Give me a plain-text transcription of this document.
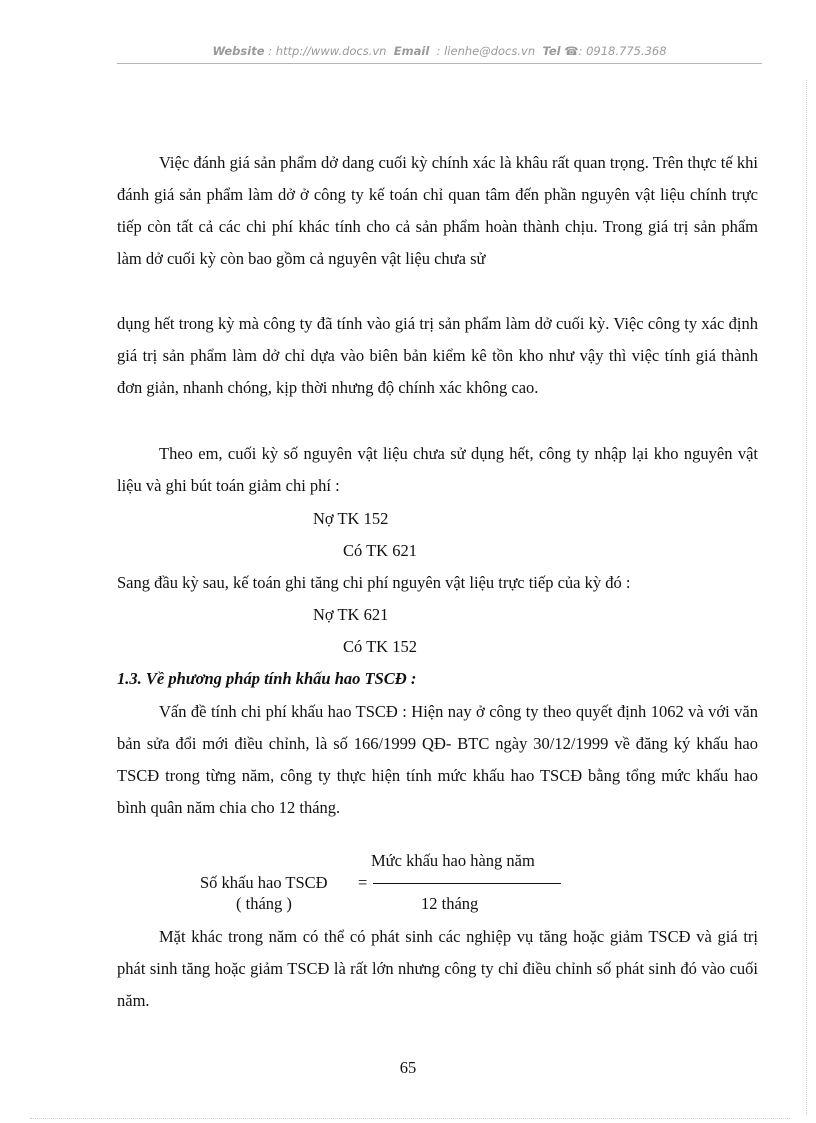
Website : http://www.docs.vn Email : lienhe@docs.vn Tel ☎: 0918.775.368
Việc đánh giá sản phẩm dở dang cuối kỳ chính xác là khâu rất quan trọng. Trên thực tế khi đánh giá sản phẩm làm dở ở công ty kế toán chỉ quan tâm đến phần nguyên vật liệu chính trực tiếp còn tất cả các chi phí khác tính cho cả sản phẩm hoàn thành chịu. Trong giá trị sản phẩm làm dở cuối kỳ còn bao gồm cả nguyên vật liệu chưa sử
dụng hết trong kỳ mà công ty đã tính vào giá trị sản phẩm làm dở cuối kỳ. Việc công ty xác định giá trị sản phẩm làm dở chỉ dựa vào biên bản kiểm kê tồn kho như vậy thì việc tính giá thành đơn giản, nhanh chóng, kịp thời nhưng độ chính xác không cao.
Theo em, cuối kỳ số nguyên vật liệu chưa sử dụng hết, công ty nhập lại kho nguyên vật liệu và ghi bút toán giảm chi phí :
Nợ TK 152
Có TK 621
Sang đầu kỳ sau, kế toán ghi tăng chi phí nguyên vật liệu trực tiếp của kỳ đó :
Nợ TK 621
Có TK 152
1.3. Về phương pháp tính khấu hao TSCĐ :
Vấn đề tính chi phí khấu hao TSCĐ : Hiện nay ở công ty theo quyết định 1062 và với văn bản sửa đổi mới điều chỉnh, là số 166/1999 QĐ- BTC ngày 30/12/1999 về đăng ký khấu hao TSCĐ trong từng năm, công ty thực hiện tính mức khấu hao TSCĐ bằng tổng mức khấu hao bình quân năm chia cho 12 tháng.
Mặt khác trong năm có thể có phát sinh các nghiệp vụ tăng hoặc giảm TSCĐ và giá trị phát sinh tăng hoặc giảm TSCĐ là rất lớn nhưng công ty chỉ điều chỉnh số phát sinh đó vào cuối năm.
Số khấu hao TSCĐ
( tháng )
=
Mức khấu hao hàng năm
12 tháng
65
